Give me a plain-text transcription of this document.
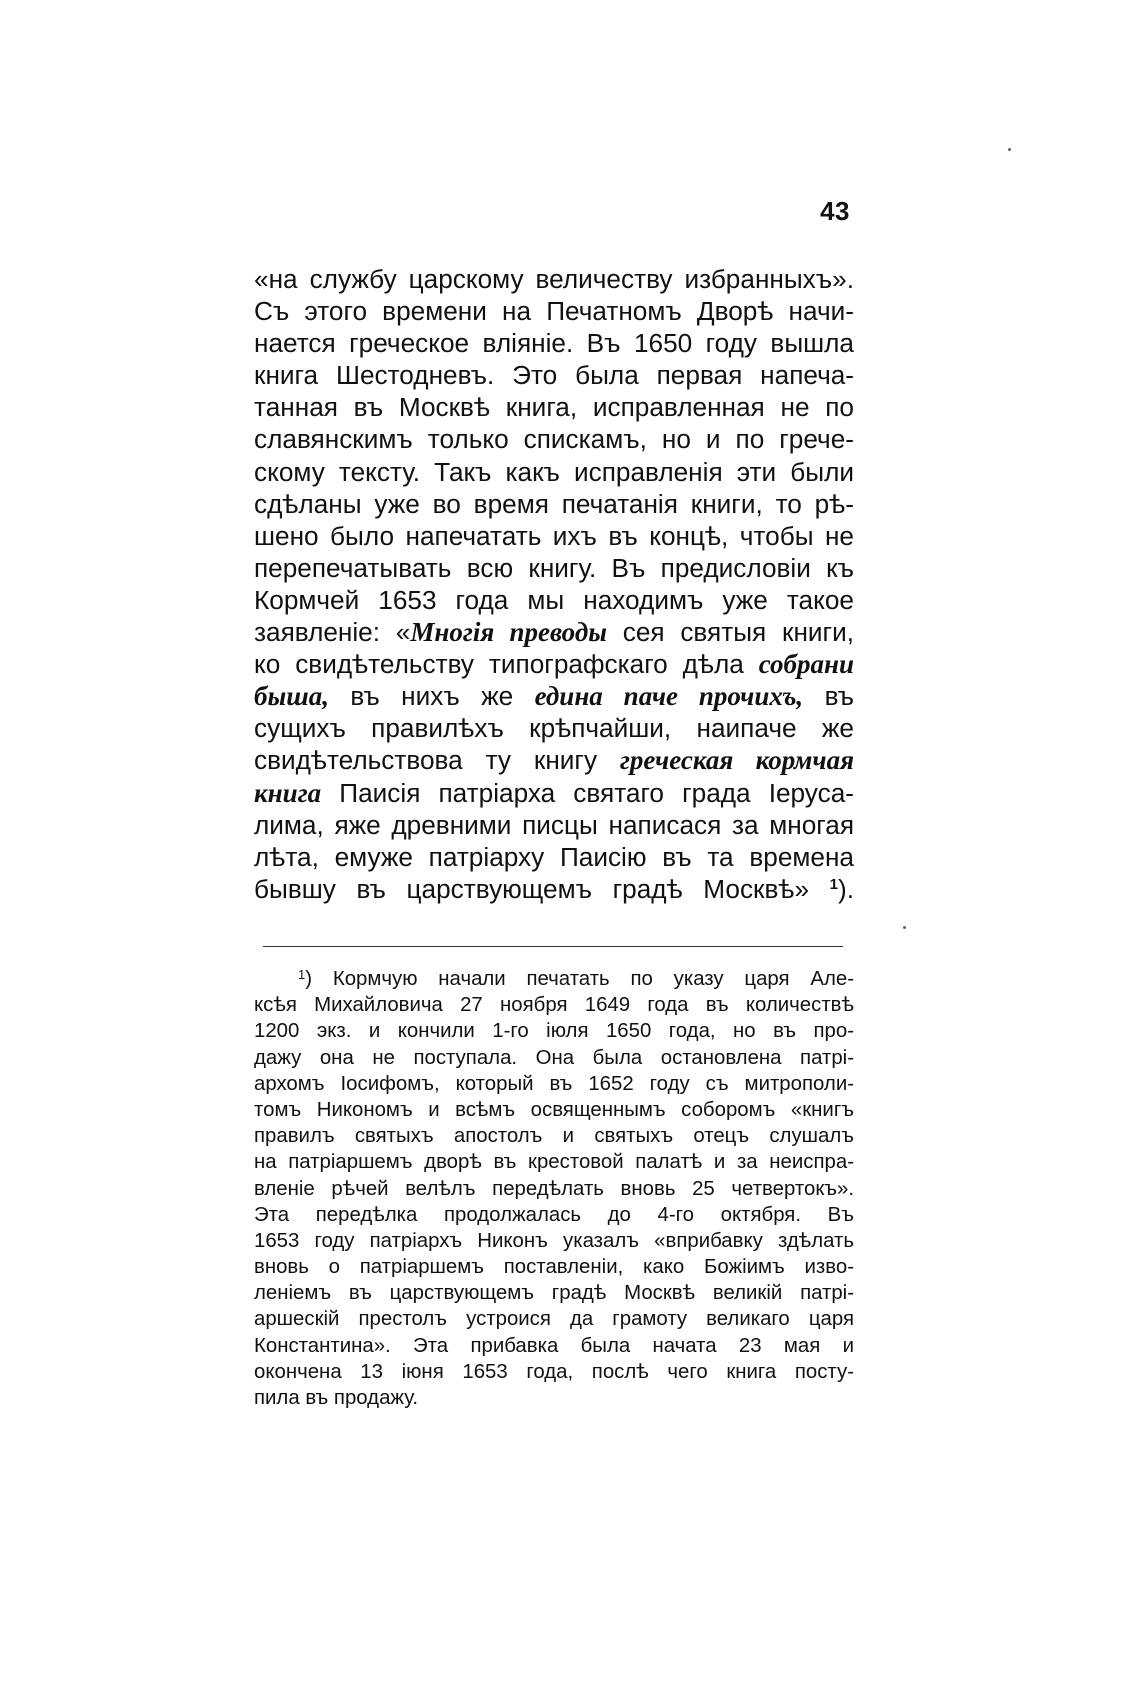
43
«на службу царскому величеству избранныхъ».
Съ этого времени на Печатномъ Дворѣ начи-
нается греческое вліяніе. Въ 1650 году вышла
книга Шестодневъ. Это была первая напеча-
танная въ Москвѣ книга, исправленная не по
славянскимъ только спискамъ, но и по грече-
скому тексту. Такъ какъ исправленія эти были
сдѣланы уже во время печатанія книги, то рѣ-
шено было напечатать ихъ въ концѣ, чтобы не
перепечатывать всю книгу. Въ предисловіи къ
Кормчей 1653 года мы находимъ уже такое
заявленіе: «Многія преводы сея святыя книги,
ко свидѣтельству типографскаго дѣла собрани
быша, въ нихъ же едина паче прочихъ, въ
сущихъ правилѣхъ крѣпчайши, наипаче же
свидѣтельствова ту книгу греческая кормчая
книга Паисія патріарха святаго града Іеруса-
лима, яже древними писцы написася за многая
лѣта, емуже патріарху Паисію въ та времена
бывшу въ царствующемъ градѣ Москвѣ» $^1$).
$^1$) Кормчую начали печатать по указу царя Але-
ксѣя Михайловича 27 ноября 1649 года въ количествѣ
1200 экз. и кончили 1-го іюля 1650 года, но въ про-
дажу она не поступала. Она была остановлена патрі-
архомъ Іосифомъ, который въ 1652 году съ митрополи-
томъ Никономъ и всѣмъ освященнымъ соборомъ «книгъ
правилъ святыхъ апостолъ и святыхъ отецъ слушалъ
на патріаршемъ дворѣ въ крестовой палатѣ и за неиспра-
вленіе рѣчей велѣлъ передѣлать вновь 25 четвертокъ».
Эта передѣлка продолжалась до 4-го октября. Въ
1653 году патріархъ Никонъ указалъ «вприбавку здѣлать
вновь о патріаршемъ поставленіи, како Божіимъ изво-
леніемъ въ царствующемъ градѣ Москвѣ великій патрі-
аршескій престолъ устроися да грамоту великаго царя
Константина». Эта прибавка была начата 23 мая и
окончена 13 іюня 1653 года, послѣ чего книга посту-
пила въ продажу.
